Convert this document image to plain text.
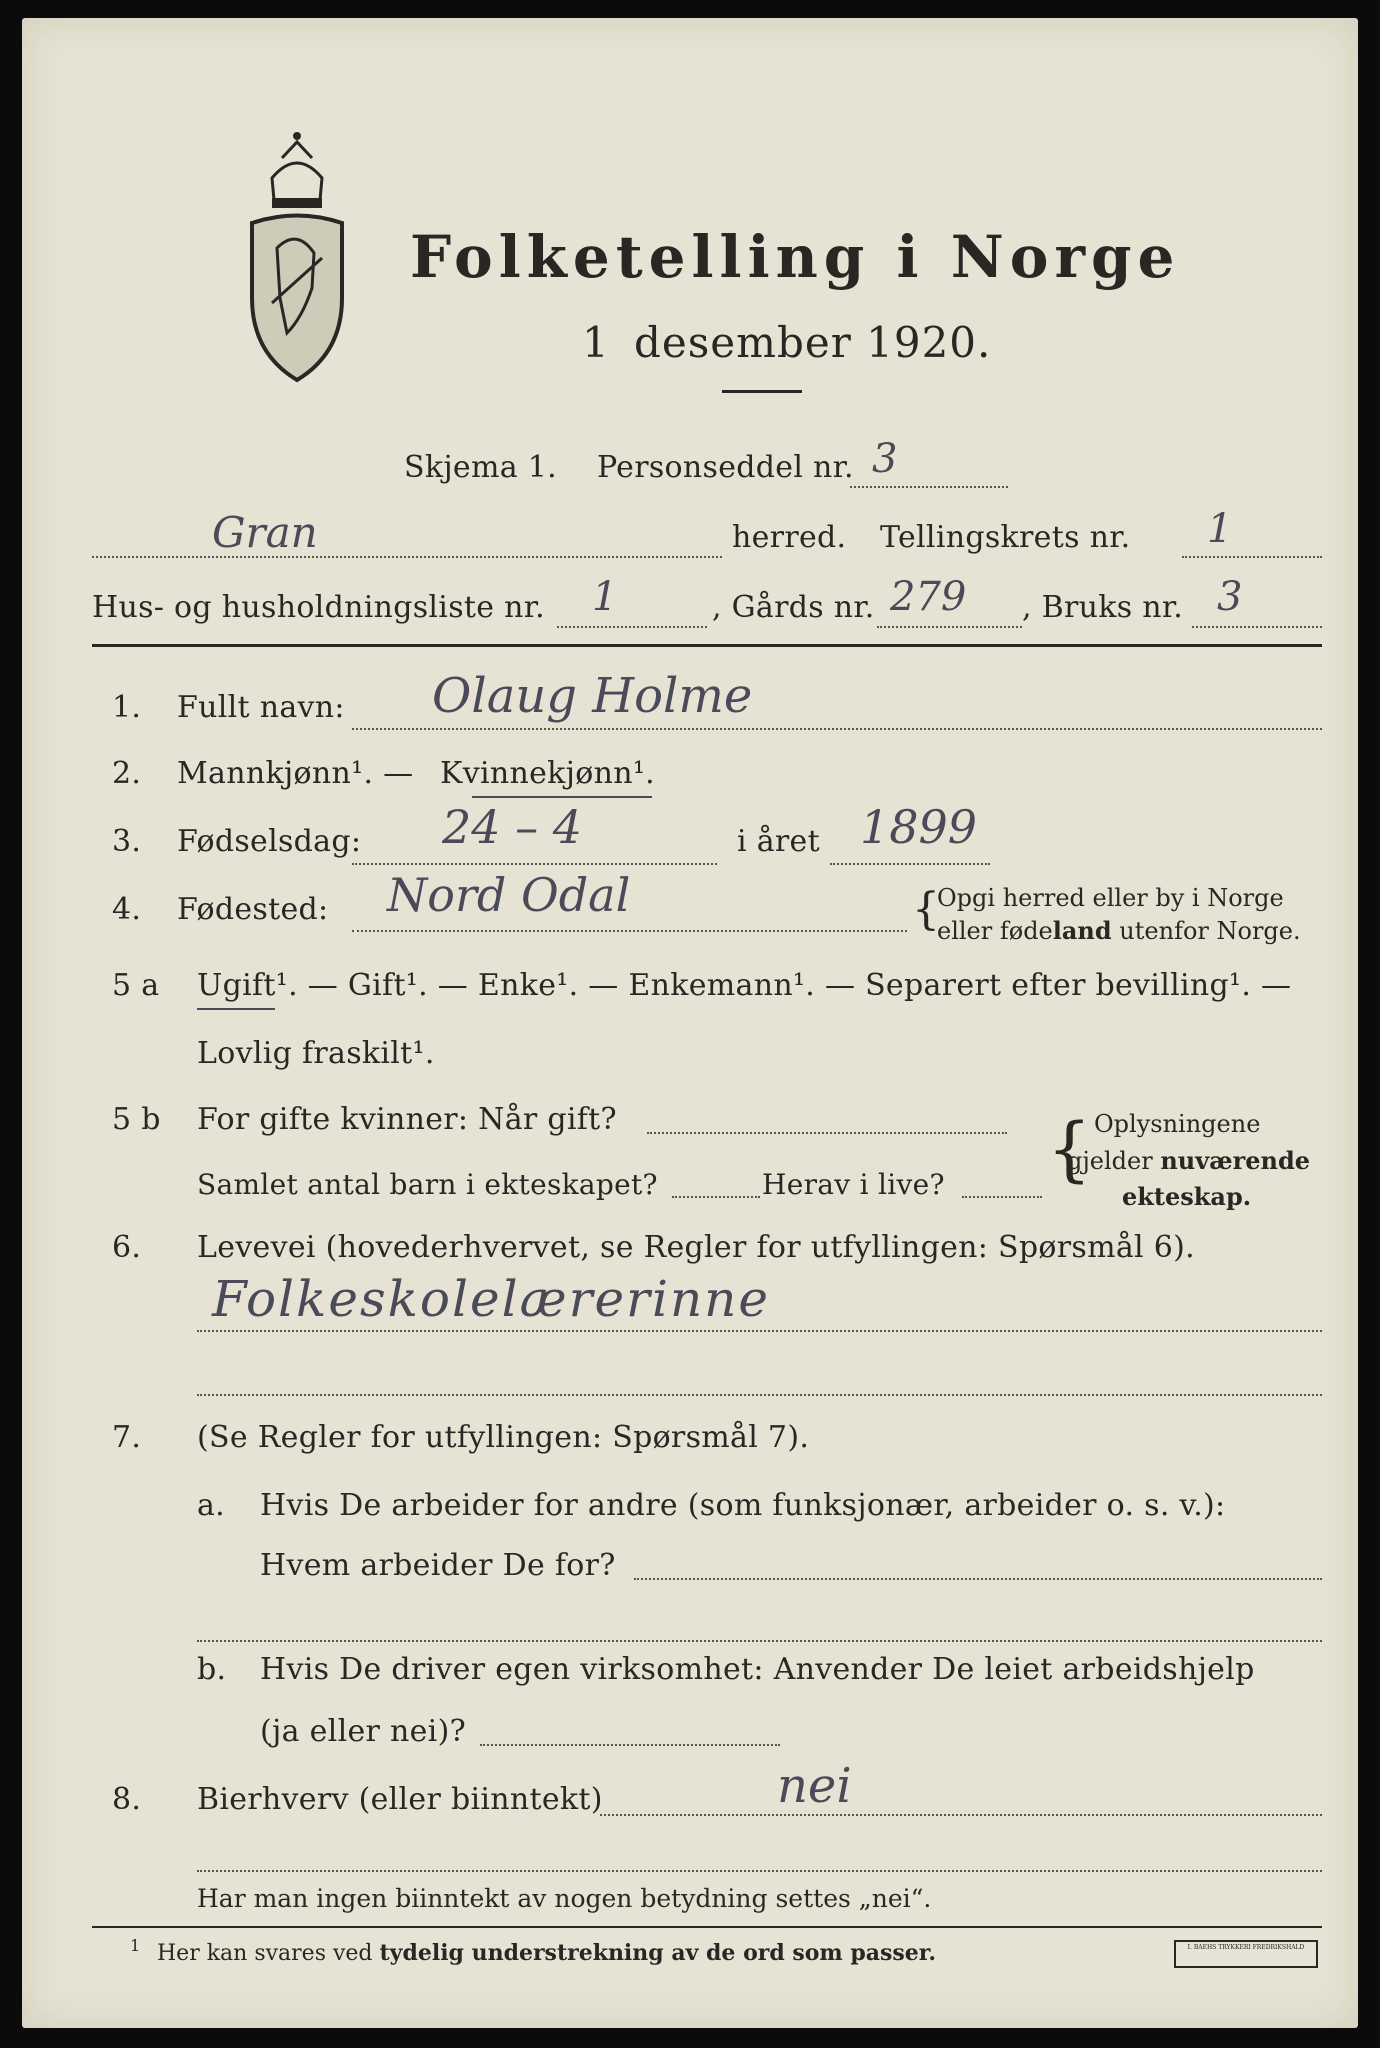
Folketelling i Norge
1 desember 1920.
Skjema 1. Personseddel nr. 3
Gran	herred. Tellingskrets nr. 1
Hus- og husholdningsliste nr. 1	, Gårds nr. 279 , Bruks nr. 3
1. Fullt navn: Olaug Holme
2. Mannkjønn¹. — Kvinnekjønn¹.
3. Fødselsdag: 24 – 4	i året 1899
4. Fødested: Nord Odal	{
Opgi herred eller by i Norge
eller fødeland utenfor Norge.
5 a Ugift¹. — Gift¹. — Enke¹. — Enkemann¹. — Separert efter bevilling¹. —
Lovlig fraskilt¹.
5 b For gifte kvinner: Når gift?
Samlet antal barn i ekteskapet?	Herav i live? { Oplysningene
gjelder nuværende
ekteskap.
6. Levevei (hovederhvervet, se Regler for utfyllingen: Spørsmål 6).
Folkeskolelærerinne
7. (Se Regler for utfyllingen: Spørsmål 7).
a. Hvis De arbeider for andre (som funksjonær, arbeider o. s. v.):
Hvem arbeider De for?
b. Hvis De driver egen virksomhet: Anvender De leiet arbeidshjelp
(ja eller nei)?
8. Bierhverv (eller biinntekt)	nei
Har man ingen biinntekt av nogen betydning settes „nei“.
1 Her kan svares ved tydelig understrekning av de ord som passer.	I. BAEHS TRYKKERI FREDRIKSHALD
